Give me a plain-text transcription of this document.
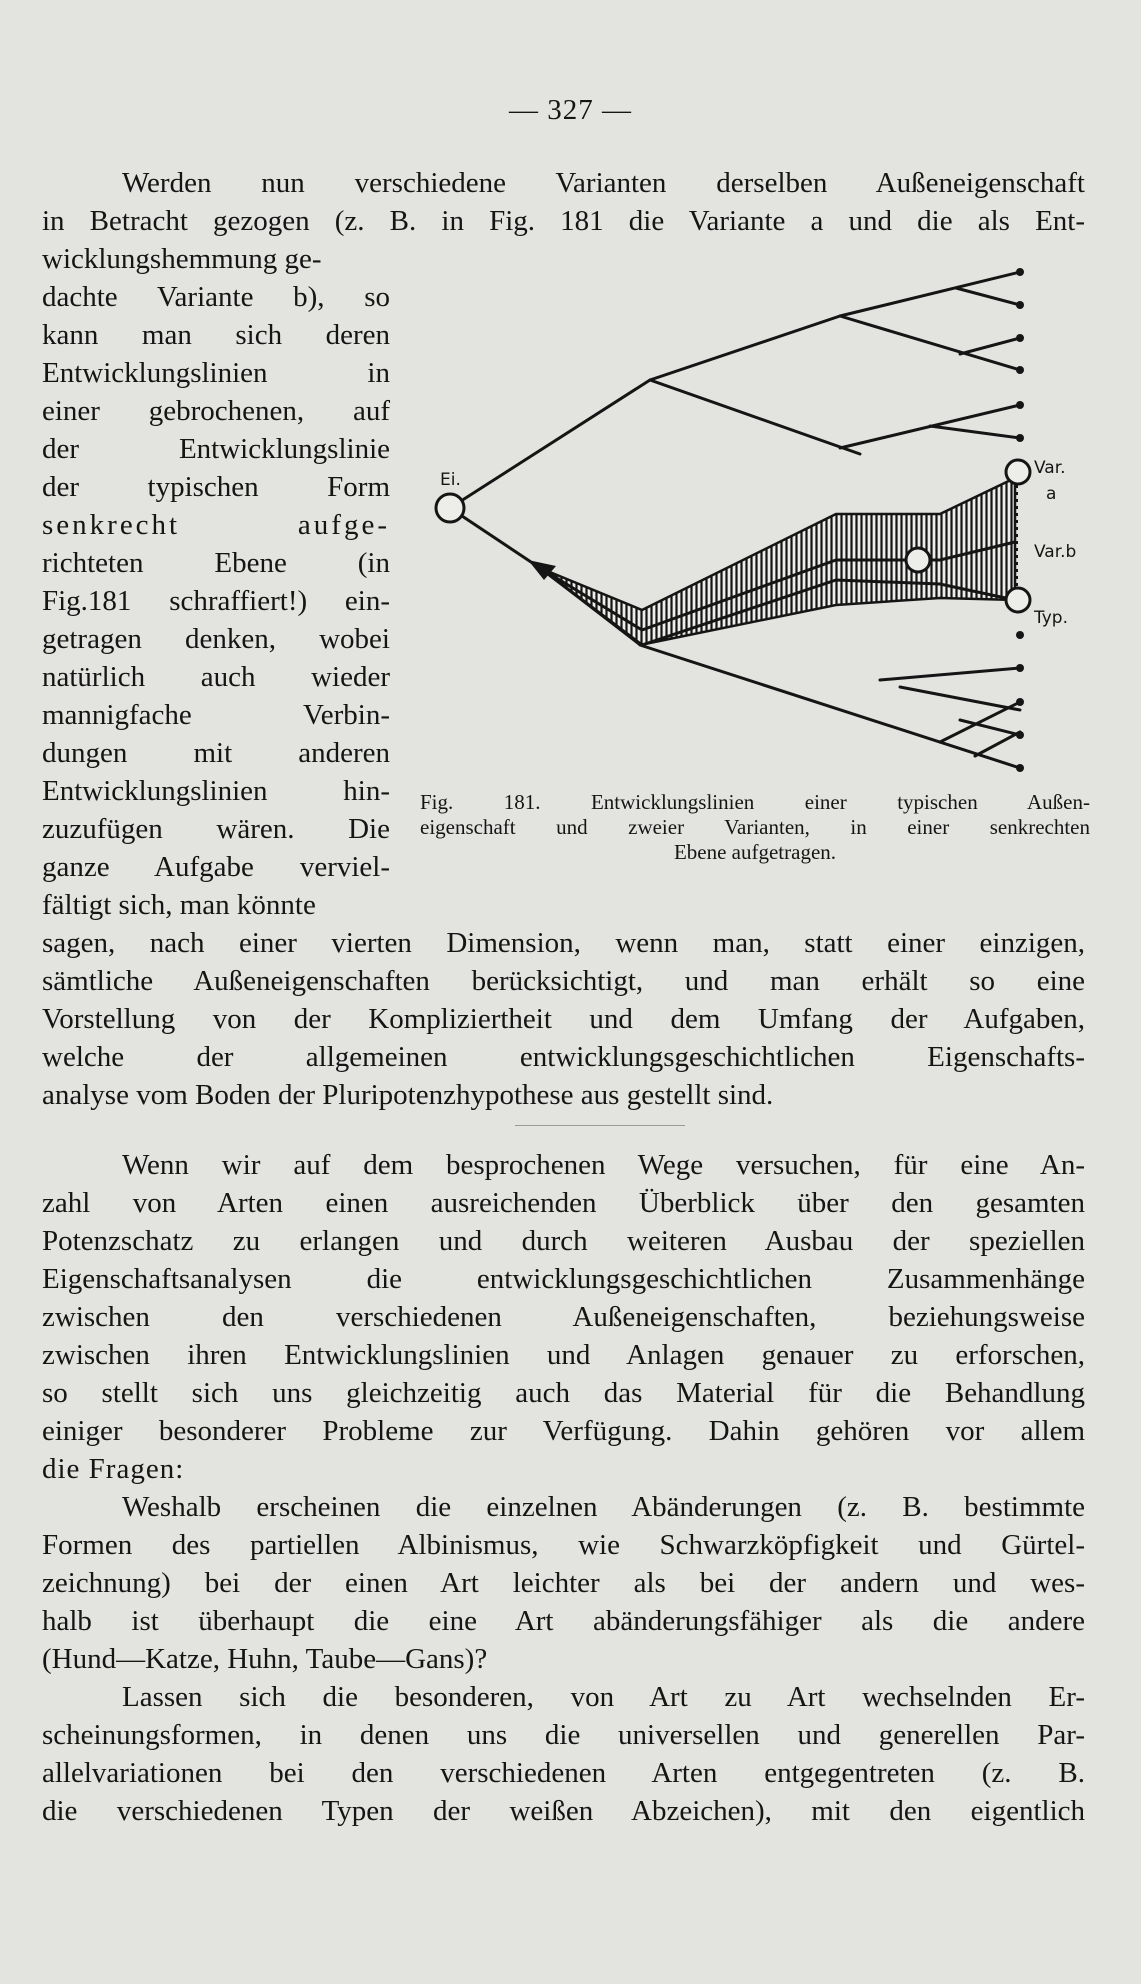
— 327 —
Werden nun verschiedene Varianten derselben Außeneigenschaft
in Betracht gezogen (z. B. in Fig. 181 die Variante a und die als Ent-
wicklungshemmung ge-
dachte Variante b), so
kann man sich deren
Entwicklungslinien in
einer gebrochenen, auf
der Entwicklungslinie
der typischen Form
senkrecht aufge-
richteten Ebene (in
Fig.181 schraffiert!) ein-
getragen denken, wobei
natürlich auch wieder
mannigfache Verbin-
dungen mit anderen
Entwicklungslinien hin-
zuzufügen wären. Die
ganze Aufgabe verviel-
fältigt sich, man könnte
sagen, nach einer vierten Dimension, wenn man, statt einer einzigen,
sämtliche Außeneigenschaften berücksichtigt, und man erhält so eine
Vorstellung von der Kompliziertheit und dem Umfang der Aufgaben,
welche der allgemeinen entwicklungsgeschichtlichen Eigenschafts-
analyse vom Boden der Pluripotenzhypothese aus gestellt sind.
Ei.
Var.
a
Var.b
Typ.
Fig. 181. Entwicklungslinien einer typischen Außen-
eigenschaft und zweier Varianten, in einer senkrechten
Ebene aufgetragen.
Wenn wir auf dem besprochenen Wege versuchen, für eine An-
zahl von Arten einen ausreichenden Überblick über den gesamten
Potenzschatz zu erlangen und durch weiteren Ausbau der speziellen
Eigenschaftsanalysen die entwicklungsgeschichtlichen Zusammenhänge
zwischen den verschiedenen Außeneigenschaften, beziehungsweise
zwischen ihren Entwicklungslinien und Anlagen genauer zu erforschen,
so stellt sich uns gleichzeitig auch das Material für die Behandlung
einiger besonderer Probleme zur Verfügung. Dahin gehören vor allem
die Fragen:
Weshalb erscheinen die einzelnen Abänderungen (z. B. bestimmte
Formen des partiellen Albinismus, wie Schwarzköpfigkeit und Gürtel-
zeichnung) bei der einen Art leichter als bei der andern und wes-
halb ist überhaupt die eine Art abänderungsfähiger als die andere
(Hund—Katze, Huhn, Taube—Gans)?
Lassen sich die besonderen, von Art zu Art wechselnden Er-
scheinungsformen, in denen uns die universellen und generellen Par-
allelvariationen bei den verschiedenen Arten entgegentreten (z. B.
die verschiedenen Typen der weißen Abzeichen), mit den eigentlich
